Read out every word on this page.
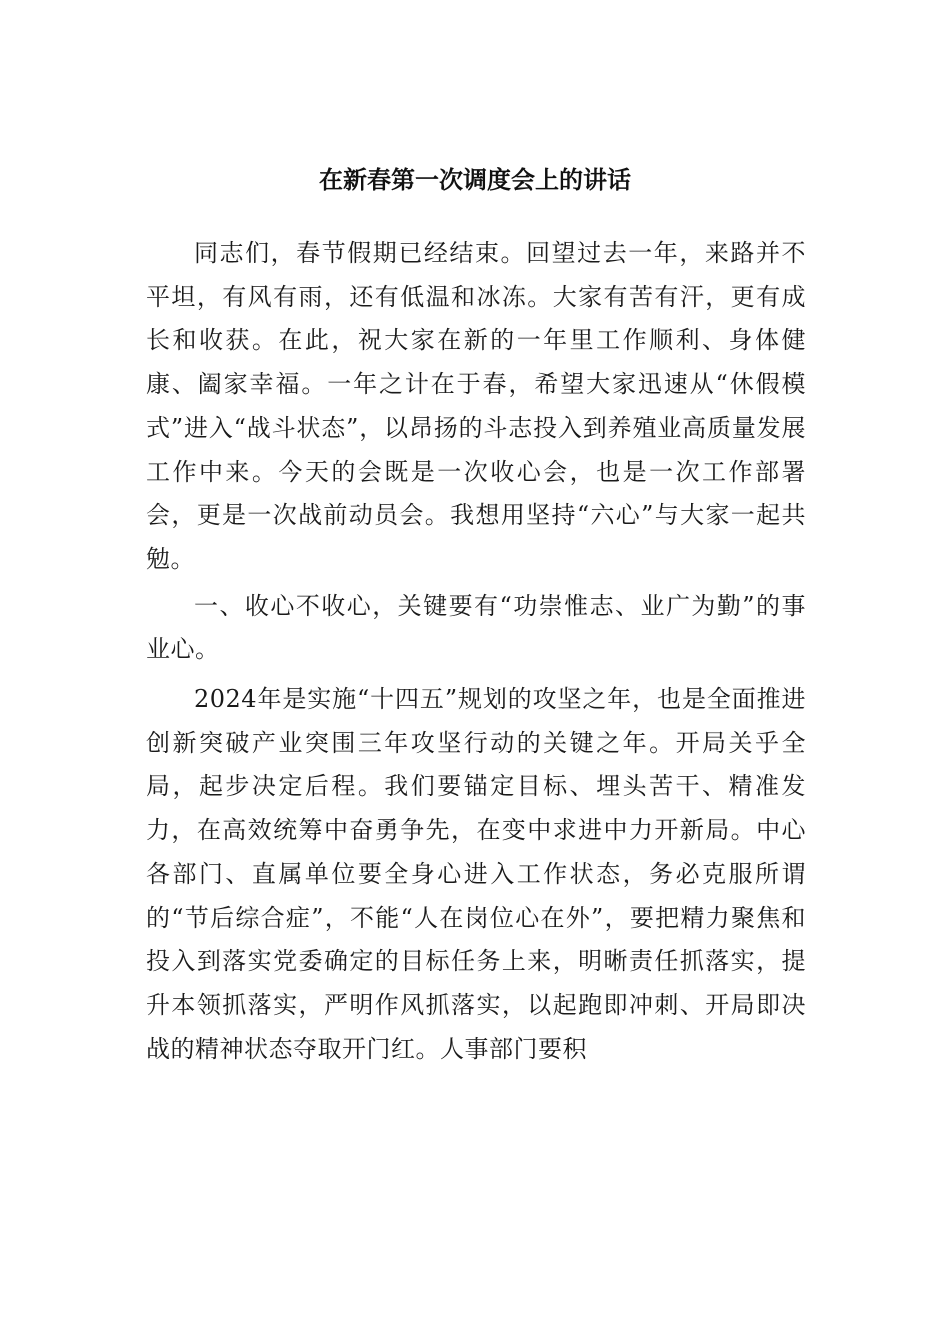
在新春第一次调度会上的讲话

同志们，春节假期已经结束。回望过去一年，来路并不平坦，有风有雨，还有低温和冰冻。大家有苦有汗，更有成长和收获。在此，祝大家在新的一年里工作顺利、身体健康、阖家幸福。一年之计在于春，希望大家迅速从“休假模式”进入“战斗状态”，以昂扬的斗志投入到养殖业高质量发展工作中来。今天的会既是一次收心会，也是一次工作部署会，更是一次战前动员会。我想用坚持“六心”与大家一起共勉。

一、收心不收心，关键要有“功崇惟志、业广为勤”的事业心。

2024年是实施“十四五”规划的攻坚之年，也是全面推进创新突破产业突围三年攻坚行动的关键之年。开局关乎全局，起步决定后程。我们要锚定目标、埋头苦干、精准发力，在高效统筹中奋勇争先，在变中求进中力开新局。中心各部门、直属单位要全身心进入工作状态，务必克服所谓的“节后综合症”，不能“人在岗位心在外”，要把精力聚焦和投入到落实党委确定的目标任务上来，明晰责任抓落实，提升本领抓落实，严明作风抓落实，以起跑即冲刺、开局即决战的精神状态夺取开门红。人事部门要积
